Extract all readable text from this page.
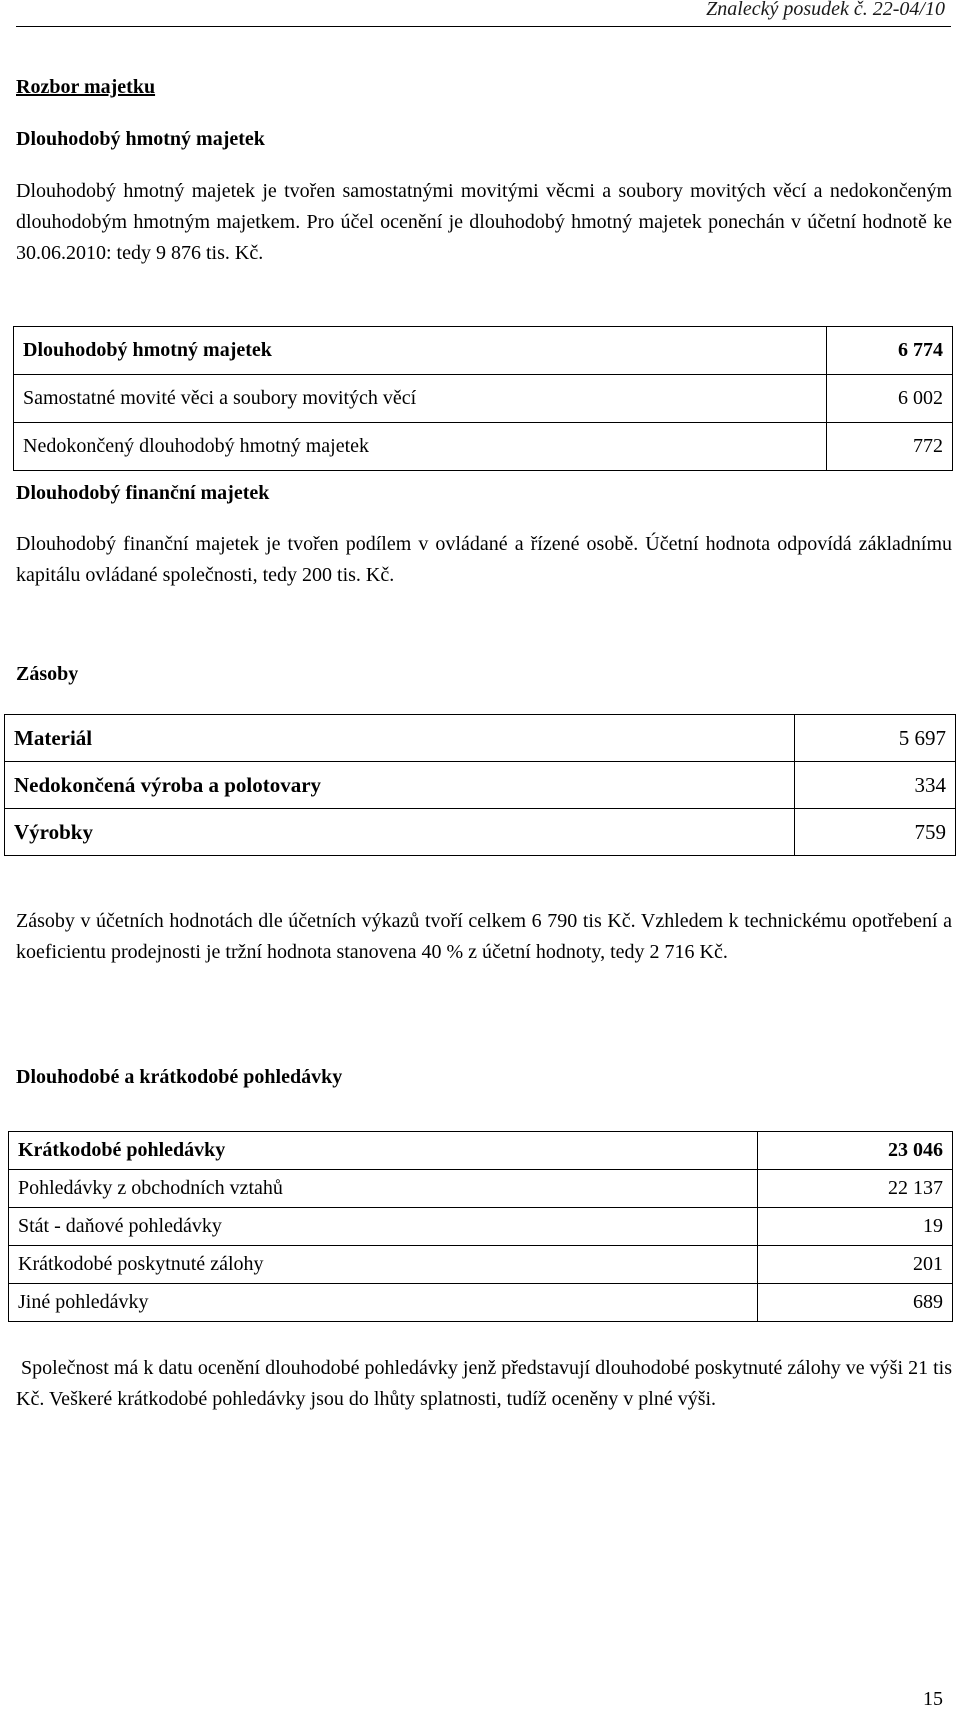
Znalecký posudek č. 22-04/10
Rozbor majetku
Dlouhodobý hmotný majetek

Dlouhodobý hmotný majetek je tvořen samostatnými movitými věcmi a soubory movitých věcí a nedokončeným dlouhodobým hmotným majetkem. Pro účel ocenění je dlouhodobý hmotný majetek ponechán v účetní hodnotě ke 30.06.2010: tedy 9 876 tis. Kč.

Dlouhodobý hmotný majetek	6 774
Samostatné movité věci a soubory movitých věcí	6 002
Nedokončený dlouhodobý hmotný majetek	772
Dlouhodobý finanční majetek

Dlouhodobý finanční majetek je tvořen podílem v ovládané a řízené osobě. Účetní hodnota odpovídá základnímu kapitálu ovládané společnosti, tedy 200 tis. Kč.

Zásoby
Materiál	5 697
Nedokončená výroba a polotovary	334
Výrobky	759

Zásoby v účetních hodnotách dle účetních výkazů tvoří celkem 6 790 tis Kč. Vzhledem k technickému opotřebení a koeficientu prodejnosti je tržní hodnota stanovena 40 % z účetní hodnoty, tedy 2 716 Kč.

Dlouhodobé a krátkodobé pohledávky
Krátkodobé pohledávky	23 046
Pohledávky z obchodních vztahů	22 137
Stát - daňové pohledávky	19
Krátkodobé poskytnuté zálohy	201
Jiné pohledávky	689

Společnost má k datu ocenění dlouhodobé pohledávky jenž představují dlouhodobé poskytnuté zálohy ve výši 21 tis Kč. Veškeré krátkodobé pohledávky jsou do lhůty splatnosti, tudíž oceněny v plné výši.

15
